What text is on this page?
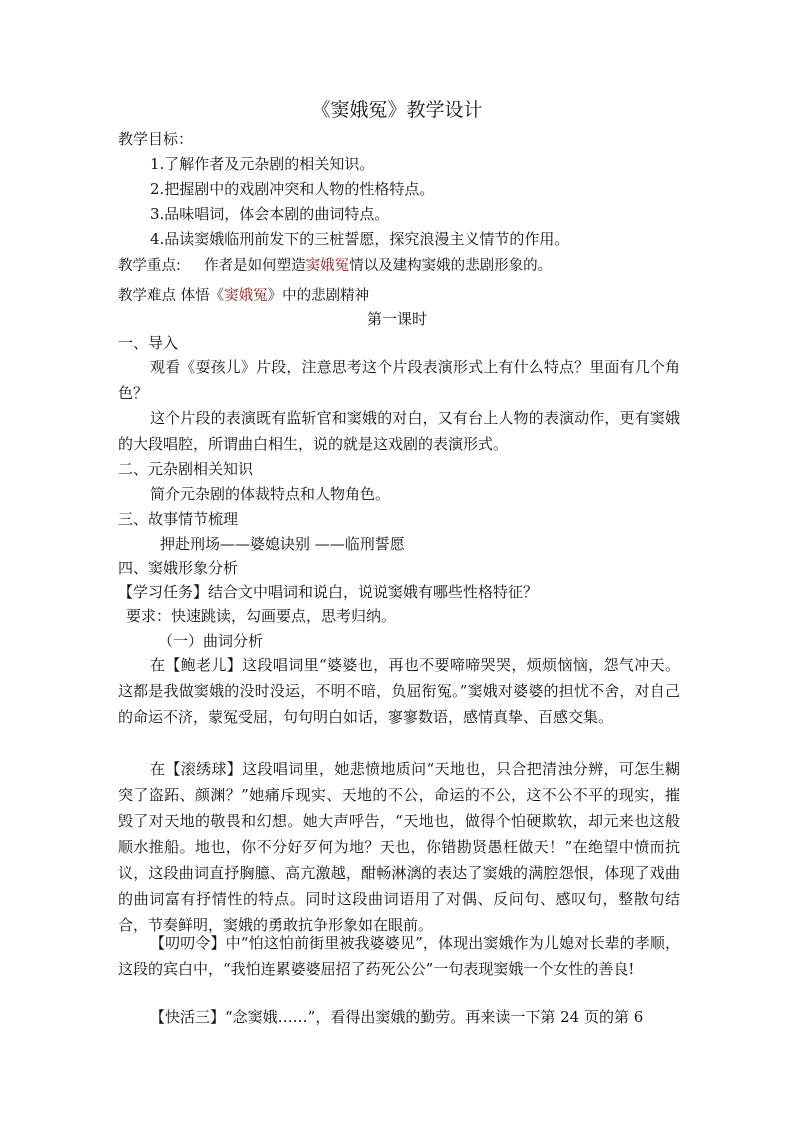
《窦娥冤》教学设计
教学目标：
1.了解作者及元杂剧的相关知识。
2.把握剧中的戏剧冲突和人物的性格特点。
3.品味唱词，体会本剧的曲词特点。
4.品读窦娥临刑前发下的三桩誓愿，探究浪漫主义情节的作用。
教学重点: 作者是如何塑造窦娥冤情以及建构窦娥的悲剧形象的。
教学难点 体悟《窦娥冤》中的悲剧精神
第一课时
一、导入
观看《耍孩儿》片段，注意思考这个片段表演形式上有什么特点？里面有几个角色？
这个片段的表演既有监斩官和窦娥的对白，又有台上人物的表演动作，更有窦娥的大段唱腔，所谓曲白相生，说的就是这戏剧的表演形式。
二、元杂剧相关知识
简介元杂剧的体裁特点和人物角色。
三、故事情节梳理
押赴刑场——婆媳诀别 ——临刑誓愿
四、窦娥形象分析
【学习任务】结合文中唱词和说白，说说窦娥有哪些性格特征？
要求：快速跳读，勾画要点，思考归纳。
（一）曲词分析
在【鲍老儿】这段唱词里“婆婆也，再也不要啼啼哭哭，烦烦恼恼，怨气冲天。这都是我做窦娥的没时没运，不明不暗，负屈衔冤。”窦娥对婆婆的担忧不舍，对自己的命运不济，蒙冤受屈，句句明白如话，寥寥数语，感情真挚、百感交集。
在【滚绣球】这段唱词里，她悲愤地质问“天地也，只合把清浊分辨，可怎生糊突了盗跖、颜渊？”她痛斥现实、天地的不公，命运的不公，这不公不平的现实，摧毁了对天地的敬畏和幻想。她大声呼告，“天地也，做得个怕硬欺软，却元来也这般顺水推船。地也，你不分好歹何为地？天也，你错勘贤愚枉做天！”在绝望中愤而抗议，这段曲词直抒胸臆、高亢激越，酣畅淋漓的表达了窦娥的满腔怨恨，体现了戏曲的曲词富有抒情性的特点。同时这段曲词语用了对偶、反问句、感叹句，整散句结合，节奏鲜明，窦娥的勇敢抗争形象如在眼前。
【叨叨令】中“怕这怕前街里被我婆婆见”，体现出窦娥作为儿媳对长辈的孝顺，这段的宾白中，“我怕连累婆婆屈招了药死公公”一句表现窦娥一个女性的善良!
【快活三】“念窦娥……”，看得出窦娥的勤劳。再来读一下第 24 页的第 6
